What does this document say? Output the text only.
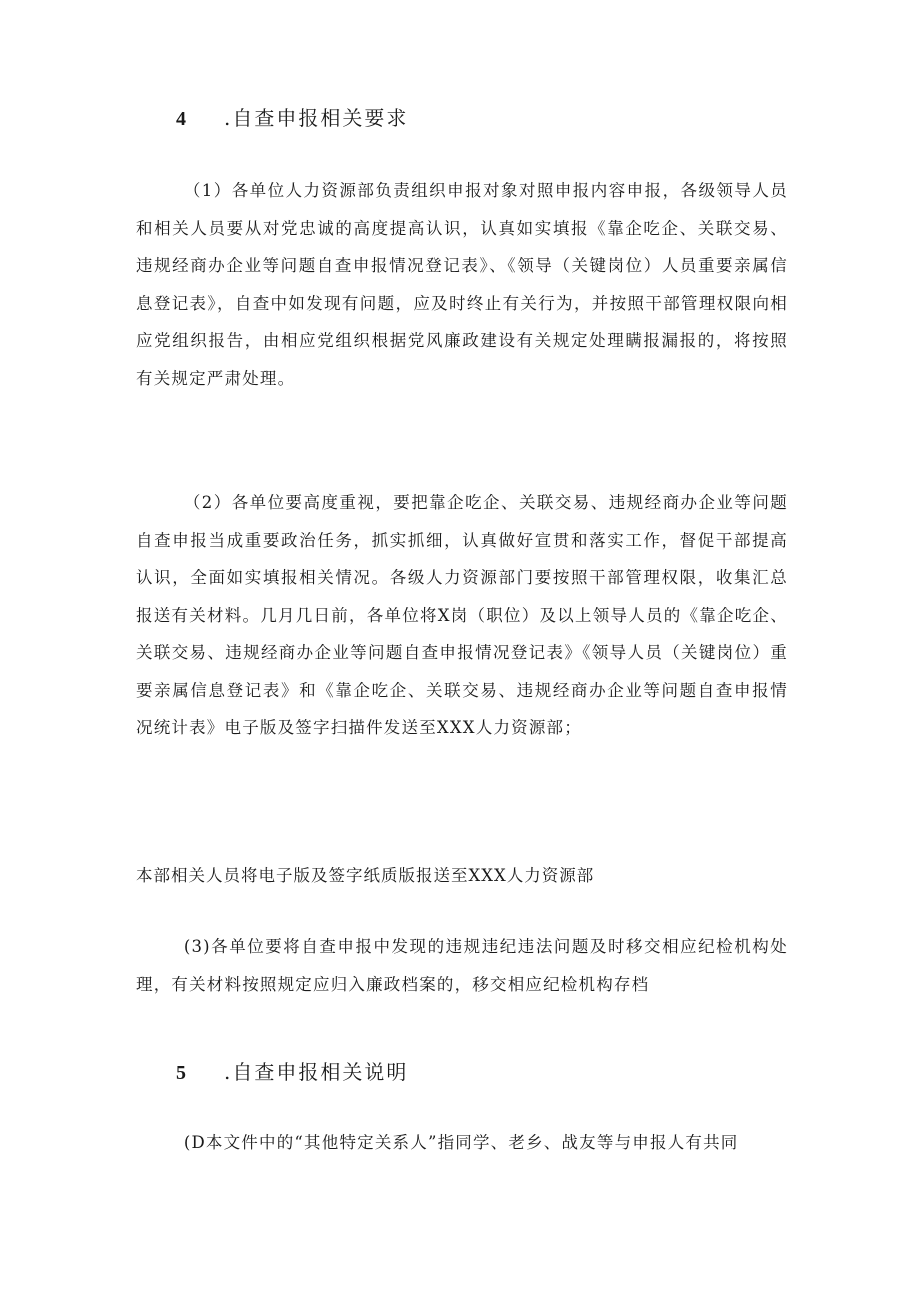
4 .自查申报相关要求

（1）各单位人力资源部负责组织申报对象对照申报内容申报，各级领导人员和相关人员要从对党忠诚的高度提高认识，认真如实填报《靠企吃企、关联交易、违规经商办企业等问题自查申报情况登记表》、《领导（关键岗位）人员重要亲属信息登记表》，自查中如发现有问题，应及时终止有关行为，并按照干部管理权限向相应党组织报告，由相应党组织根据党风廉政建设有关规定处理瞒报漏报的，将按照有关规定严肃处理。

（2）各单位要高度重视，要把靠企吃企、关联交易、违规经商办企业等问题自查申报当成重要政治任务，抓实抓细，认真做好宣贯和落实工作，督促干部提高认识，全面如实填报相关情况。各级人力资源部门要按照干部管理权限，收集汇总报送有关材料。几月几日前，各单位将X岗（职位）及以上领导人员的《靠企吃企、关联交易、违规经商办企业等问题自查申报情况登记表》《领导人员（关键岗位）重要亲属信息登记表》和《靠企吃企、关联交易、违规经商办企业等问题自查申报情况统计表》电子版及签字扫描件发送至XXX人力资源部；

本部相关人员将电子版及签字纸质版报送至XXX人力资源部

(3)各单位要将自查申报中发现的违规违纪违法问题及时移交相应纪检机构处理，有关材料按照规定应归入廉政档案的，移交相应纪检机构存档

5 .自查申报相关说明

(D本文件中的“其他特定关系人”指同学、老乡、战友等与申报人有共同
